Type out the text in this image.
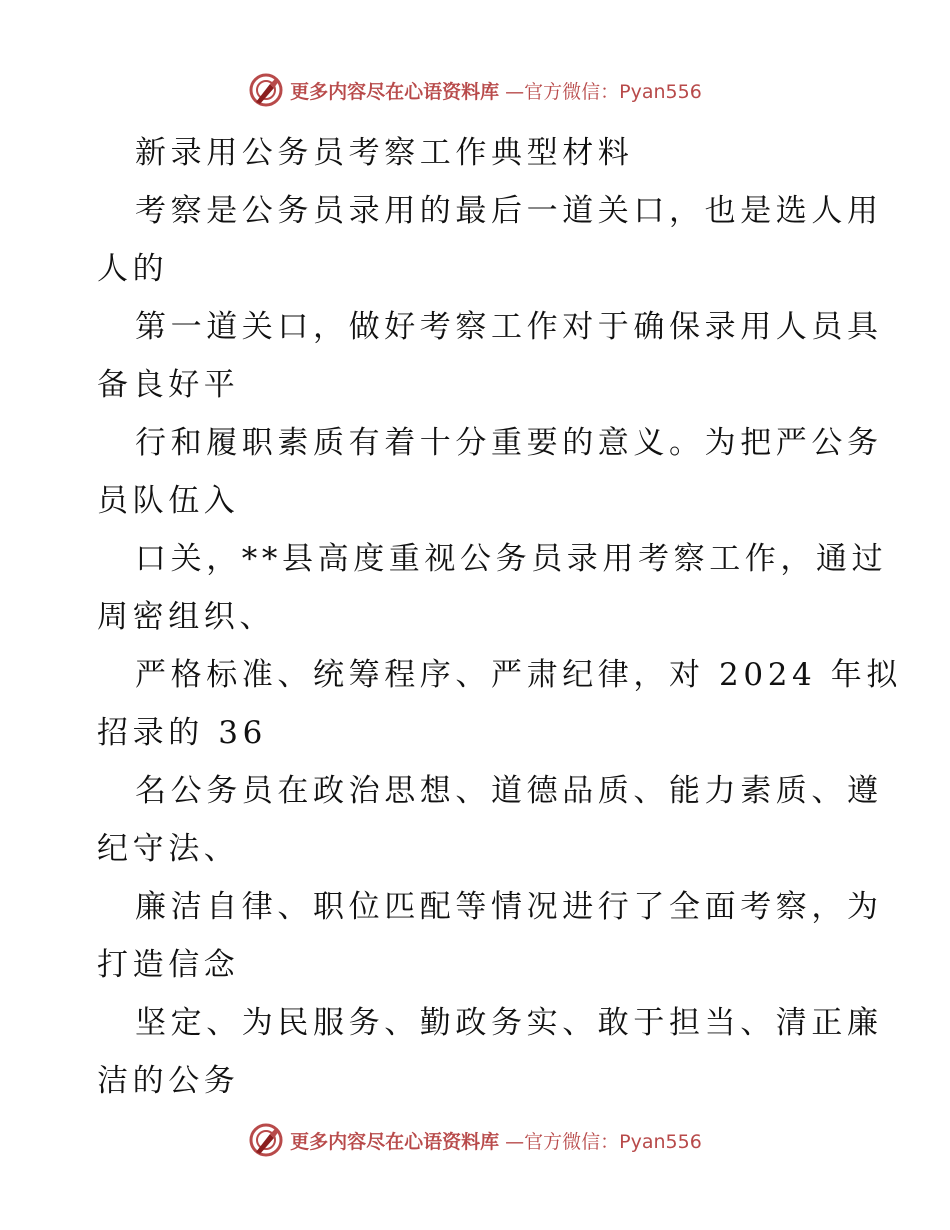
更多内容尽在心语资料库 —官方微信：Pyan556
新录用公务员考察工作典型材料
考察是公务员录用的最后一道关口，也是选人用
人的
第一道关口，做好考察工作对于确保录用人员具
备良好平
行和履职素质有着十分重要的意义。为把严公务
员队伍入
口关，**县高度重视公务员录用考察工作，通过
周密组织、
严格标准、统筹程序、严肃纪律，对 2024 年拟
招录的 36
名公务员在政治思想、道德品质、能力素质、遵
纪守法、
廉洁自律、职位匹配等情况进行了全面考察，为
打造信念
坚定、为民服务、勤政务实、敢于担当、清正廉
洁的公务
更多内容尽在心语资料库 —官方微信：Pyan556
